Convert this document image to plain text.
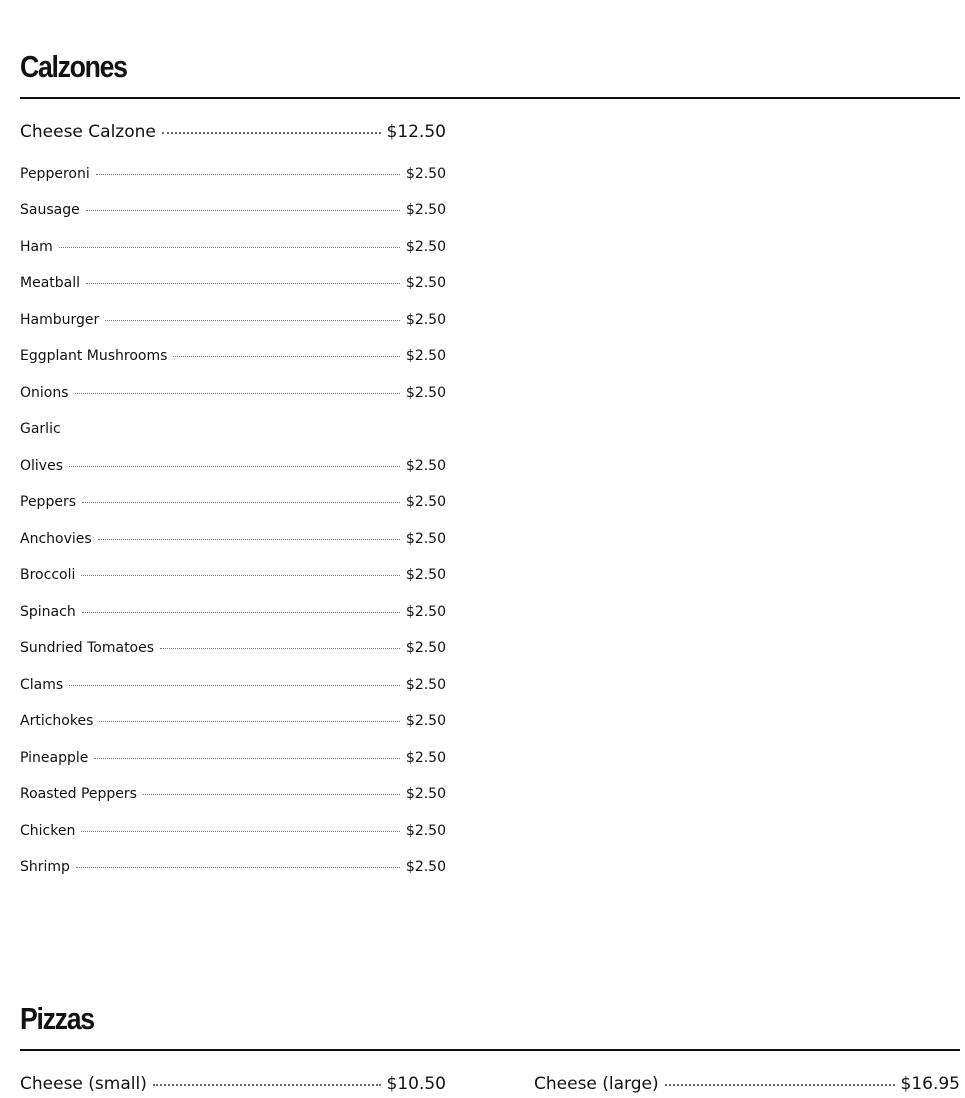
Calzones
Cheese Calzone	$12.50
Pepperoni	$2.50
Sausage	$2.50
Ham	$2.50
Meatball	$2.50
Hamburger	$2.50
Eggplant Mushrooms	$2.50
Onions	$2.50
Garlic
Olives	$2.50
Peppers	$2.50
Anchovies	$2.50
Broccoli	$2.50
Spinach	$2.50
Sundried Tomatoes	$2.50
Clams	$2.50
Artichokes	$2.50
Pineapple	$2.50
Roasted Peppers	$2.50
Chicken	$2.50
Shrimp	$2.50
Pizzas
Cheese (small)	$10.50	Cheese (large)	$16.95
